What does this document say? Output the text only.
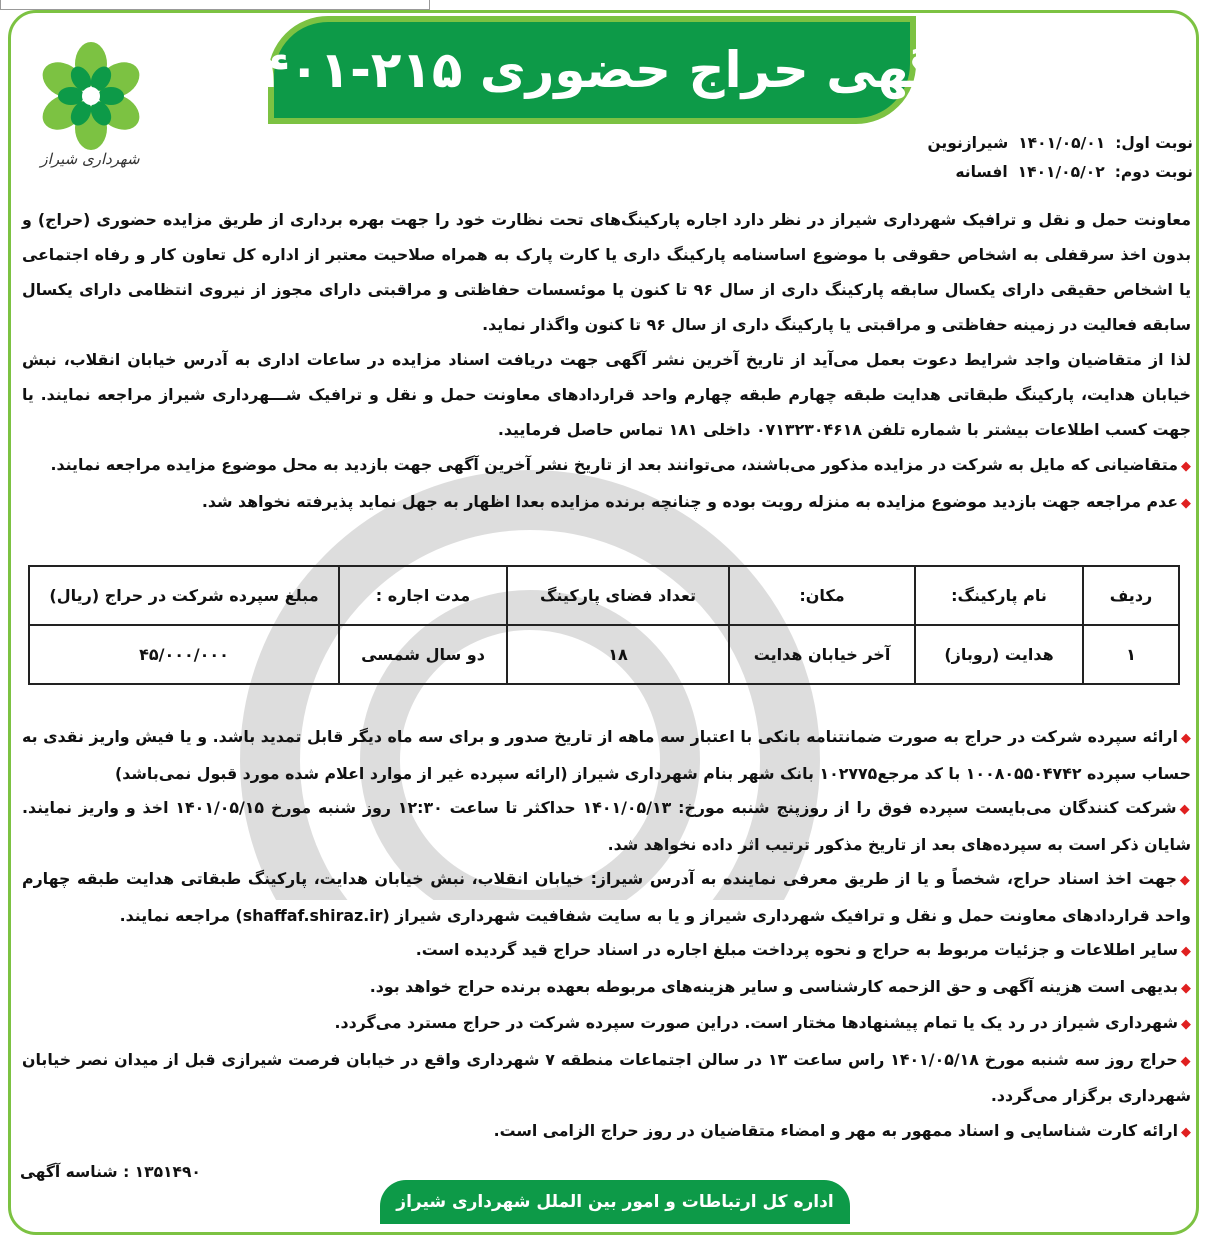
شهرداری شیراز
آگهی حراج حضوری ۲۱۵-۱۴۰۱
نوبت اول:۱۴۰۱/۰۵/۰۱شیرازنوین
نوبت دوم:۱۴۰۱/۰۵/۰۲افسانه

معاونت حمل و نقل و ترافیک شهرداری شیراز در نظر دارد اجاره پارکینگ‌های تحت نظارت خود را جهت بهره برداری از طریق مزایده حضوری (حراج) و بدون اخذ سرقفلی به اشخاص حقوقی با موضوع اساسنامه پارکینگ داری یا کارت پارک به همراه صلاحیت معتبر از اداره کل تعاون کار و رفاه اجتماعی یا اشخاص حقیقی دارای یکسال سابقه پارکینگ داری از سال ۹۶ تا کنون یا موئسسات حفاظتی و مراقبتی دارای مجوز از نیروی انتظامی دارای یکسال سابقه فعالیت در زمینه حفاظتی و مراقبتی یا پارکینگ داری از سال ۹۶ تا کنون واگذار نماید.

لذا از متقاضیان واجد شرایط دعوت بعمل می‌آید از تاریخ آخرین نشر آگهی جهت دریافت اسناد مزایده در ساعات اداری به آدرس خیابان انقلاب، نبش خیابان هدایت، پارکینگ طبقاتی هدایت طبقه چهارم طبقه چهارم واحد قراردادهای معاونت حمل و نقل و ترافیک شـــهرداری شیراز مراجعه نمایند. یا جهت کسب اطلاعات بیشتر با شماره تلفن ۰۷۱۳۲۳۰۴۶۱۸ داخلی ۱۸۱ تماس حاصل فرمایید.

◆متقاضیانی که مایل به شرکت در مزایده مذکور می‌باشند، می‌توانند بعد از تاریخ نشر آخرین آگهی جهت بازدید به محل موضوع مزایده مراجعه نمایند.

◆عدم مراجعه جهت بازدید موضوع مزایده به منزله رویت بوده و چنانچه برنده مزایده بعدا اظهار به جهل نماید پذیرفته نخواهد شد.

ردیف	نام پارکینگ:	مکان:	تعداد فضای پارکینگ	مدت اجاره :	مبلغ سپرده شرکت در حراج (ریال)
۱	هدایت (روباز)	آخر خیابان هدایت	۱۸	دو سال شمسی	۴۵/۰۰۰/۰۰۰

◆ارائه سپرده شرکت در حراج به صورت ضمانتنامه بانکی با اعتبار سه ماهه از تاریخ صدور و برای سه ماه دیگر قابل تمدید باشد. و یا فیش واریز نقدی به حساب سپرده ۱۰۰۸۰۵۵۰۴۷۴۲ با کد مرجع۱۰۲۷۷۵ بانک شهر بنام شهرداری شیراز (ارائه سپرده غیر از موارد اعلام شده مورد قبول نمی‌باشد)

◆شرکت کنندگان می‌بایست سپرده فوق را از روزپنج شنبه مورخ: ۱۴۰۱/۰۵/۱۳ حداکثر تا ساعت ۱۲:۳۰ روز شنبه مورخ ۱۴۰۱/۰۵/۱۵ اخذ و واریز نمایند. شایان ذکر است به سپرده‌های بعد از تاریخ مذکور ترتیب اثر داده نخواهد شد.

◆جهت اخذ اسناد حراج، شخصاً و یا از طریق معرفی نماینده به آدرس شیراز: خیابان انقلاب، نبش خیابان هدایت، پارکینگ طبقاتی هدایت طبقه چهارم واحد قراردادهای معاونت حمل و نقل و ترافیک شهرداری شیراز و یا به سایت شفافیت شهرداری شیراز (shaffaf.shiraz.ir) مراجعه نمایند.

◆سایر اطلاعات و جزئیات مربوط به حراج و نحوه پرداخت مبلغ اجاره در اسناد حراج قید گردیده است.

◆بدیهی است هزینه آگهی و حق الزحمه کارشناسی و سایر هزینه‌های مربوطه بعهده برنده حراج خواهد بود.

◆شهرداری شیراز در رد یک یا تمام پیشنهادها مختار است. دراین صورت سپرده شرکت در حراج مسترد می‌گردد.

◆حراج روز سه شنبه مورخ ۱۴۰۱/۰۵/۱۸ راس ساعت ۱۳ در سالن اجتماعات منطقه ۷ شهرداری واقع در خیابان فرصت شیرازی قبل از میدان نصر خیابان شهرداری برگزار می‌گردد.

◆ارائه کارت شناسایی و اسناد ممهور به مهر و امضاء متقاضیان در روز حراج الزامی است.

۱۳۵۱۴۹۰ : شناسه آگهی
اداره کل ارتباطات و امور بین الملل شهرداری شیراز
